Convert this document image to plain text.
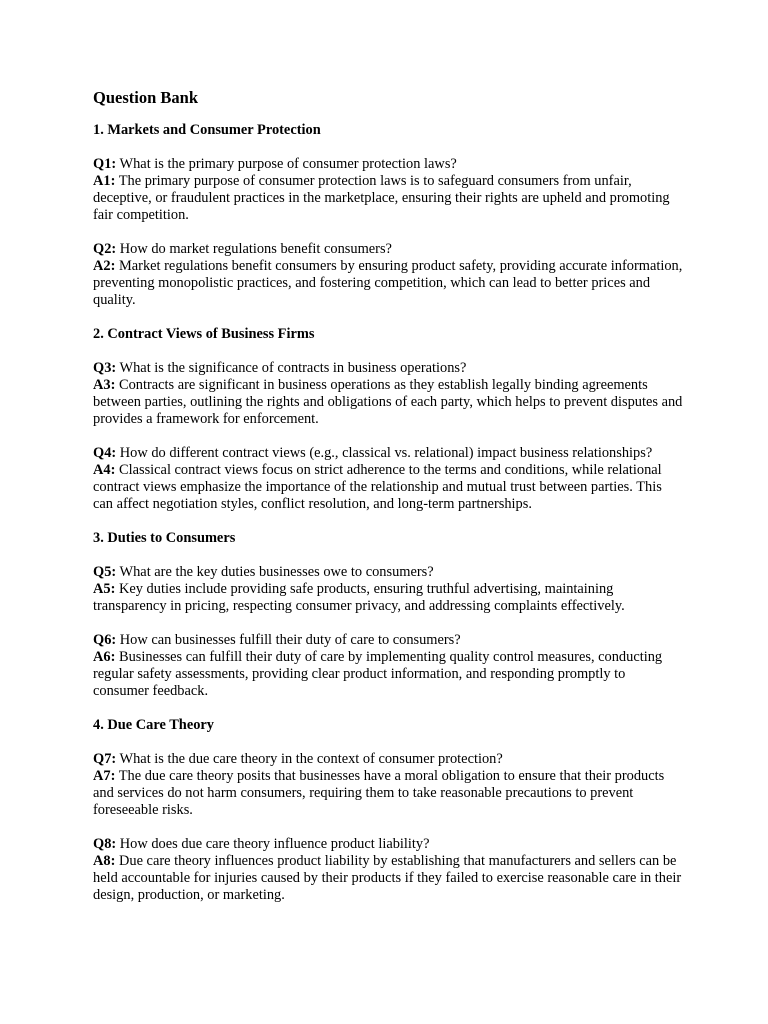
Question Bank
1. Markets and Consumer Protection
Q1: What is the primary purpose of consumer protection laws?
A1: The primary purpose of consumer protection laws is to safeguard consumers from unfair, deceptive, or fraudulent practices in the marketplace, ensuring their rights are upheld and promoting fair competition.
Q2: How do market regulations benefit consumers?
A2: Market regulations benefit consumers by ensuring product safety, providing accurate information, preventing monopolistic practices, and fostering competition, which can lead to better prices and quality.
2. Contract Views of Business Firms
Q3: What is the significance of contracts in business operations?
A3: Contracts are significant in business operations as they establish legally binding agreements between parties, outlining the rights and obligations of each party, which helps to prevent disputes and provides a framework for enforcement.
Q4: How do different contract views (e.g., classical vs. relational) impact business relationships?
A4: Classical contract views focus on strict adherence to the terms and conditions, while relational contract views emphasize the importance of the relationship and mutual trust between parties. This can affect negotiation styles, conflict resolution, and long-term partnerships.
3. Duties to Consumers
Q5: What are the key duties businesses owe to consumers?
A5: Key duties include providing safe products, ensuring truthful advertising, maintaining transparency in pricing, respecting consumer privacy, and addressing complaints effectively.
Q6: How can businesses fulfill their duty of care to consumers?
A6: Businesses can fulfill their duty of care by implementing quality control measures, conducting regular safety assessments, providing clear product information, and responding promptly to consumer feedback.
4. Due Care Theory
Q7: What is the due care theory in the context of consumer protection?
A7: The due care theory posits that businesses have a moral obligation to ensure that their products and services do not harm consumers, requiring them to take reasonable precautions to prevent foreseeable risks.
Q8: How does due care theory influence product liability?
A8: Due care theory influences product liability by establishing that manufacturers and sellers can be held accountable for injuries caused by their products if they failed to exercise reasonable care in their design, production, or marketing.
